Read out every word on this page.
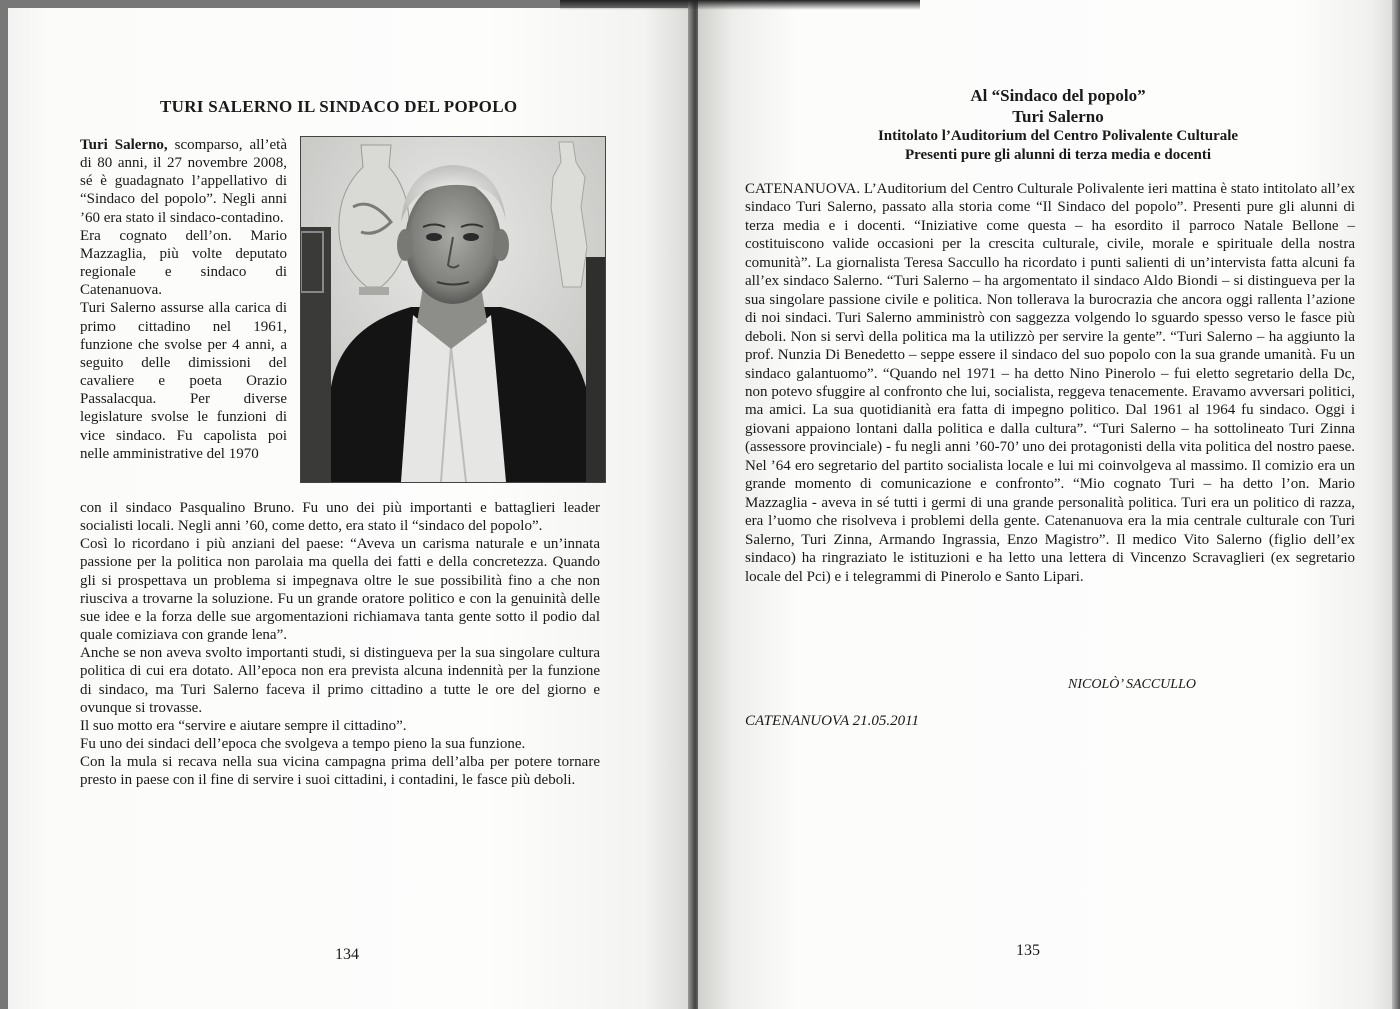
TURI SALERNO IL SINDACO DEL POPOLO

Turi Salerno, scomparso, all’età di 80 anni, il 27 novembre 2008, sé è guadagnato l’appellativo di “Sindaco del popolo”. Negli anni ’60 era stato il sindaco-contadino.

Era cognato dell’on. Mario Mazzaglia, più volte deputato regionale e sindaco di Catenanuova.

Turi Salerno assurse alla carica di primo cittadino nel 1961, funzione che svolse per 4 anni, a seguito delle dimissioni del cavaliere e poeta Orazio Passalacqua. Per diverse legislature svolse le funzioni di vice sindaco. Fu capolista poi nelle amministrative del 1970

con il sindaco Pasqualino Bruno. Fu uno dei più importanti e battaglieri leader socialisti locali. Negli anni ’60, come detto, era stato il “sindaco del popolo”.

Così lo ricordano i più anziani del paese: “Aveva un carisma naturale e un’innata passione per la politica non parolaia ma quella dei fatti e della concretezza. Quando gli si prospettava un problema si impegnava oltre le sue possibilità fino a che non riusciva a trovarne la soluzione. Fu un grande oratore politico e con la genuinità delle sue idee e la forza delle sue argomentazioni richiamava tanta gente sotto il podio dal quale comiziava con grande lena”.

Anche se non aveva svolto importanti studi, si distingueva per la sua singolare cultura politica di cui era dotato. All’epoca non era prevista alcuna indennità per la funzione di sindaco, ma Turi Salerno faceva il primo cittadino a tutte le ore del giorno e ovunque si trovasse.

Il suo motto era “servire e aiutare sempre il cittadino”.

Fu uno dei sindaci dell’epoca che svolgeva a tempo pieno la sua funzione.

Con la mula si recava nella sua vicina campagna prima dell’alba per potere tornare presto in paese con il fine di servire i suoi cittadini, i contadini, le fasce più deboli.

134
Al “Sindaco del popolo”
Turi Salerno
Intitolato l’Auditorium del Centro Polivalente Culturale
Presenti pure gli alunni di terza media e docenti

CATENANUOVA. L’Auditorium del Centro Culturale Polivalente ieri mattina è stato intitolato all’ex sindaco Turi Salerno, passato alla storia come “Il Sindaco del popolo”. Presenti pure gli alunni di terza media e i docenti. “Iniziative come questa – ha esordito il parroco Natale Bellone – costituiscono valide occasioni per la crescita culturale, civile, morale e spirituale della nostra comunità”. La giornalista Teresa Saccullo ha ricordato i punti salienti di un’intervista fatta alcuni fa all’ex sindaco Salerno. “Turi Salerno – ha argomentato il sindaco Aldo Biondi – si distingueva per la sua singolare passione civile e politica. Non tollerava la burocrazia che ancora oggi rallenta l’azione di noi sindaci. Turi Salerno amministrò con saggezza volgendo lo sguardo spesso verso le fasce più deboli. Non si servì della politica ma la utilizzò per servire la gente”. “Turi Salerno – ha aggiunto la prof. Nunzia Di Benedetto – seppe essere il sindaco del suo popolo con la sua grande umanità. Fu un sindaco galantuomo”. “Quando nel 1971 – ha detto Nino Pinerolo – fui eletto segretario della Dc, non potevo sfuggire al confronto che lui, socialista, reggeva tenacemente. Eravamo avversari politici, ma amici. La sua quotidianità era fatta di impegno politico. Dal 1961 al 1964 fu sindaco. Oggi i giovani appaiono lontani dalla politica e dalla cultura”. “Turi Salerno – ha sottolineato Turi Zinna (assessore provinciale) - fu negli anni ’60-70’ uno dei protagonisti della vita politica del nostro paese. Nel ’64 ero segretario del partito socialista locale e lui mi coinvolgeva al massimo. Il comizio era un grande momento di comunicazione e confronto”. “Mio cognato Turi – ha detto l’on. Mario Mazzaglia - aveva in sé tutti i germi di una grande personalità politica. Turi era un politico di razza, era l’uomo che risolveva i problemi della gente. Catenanuova era la mia centrale culturale con Turi Salerno, Turi Zinna, Armando Ingrassia, Enzo Magistro”. Il medico Vito Salerno (figlio dell’ex sindaco) ha ringraziato le istituzioni e ha letto una lettera di Vincenzo Scravaglieri (ex segretario locale del Pci) e i telegrammi di Pinerolo e Santo Lipari.

NICOLÒ’ SACCULLO
CATENANUOVA 21.05.2011
135
